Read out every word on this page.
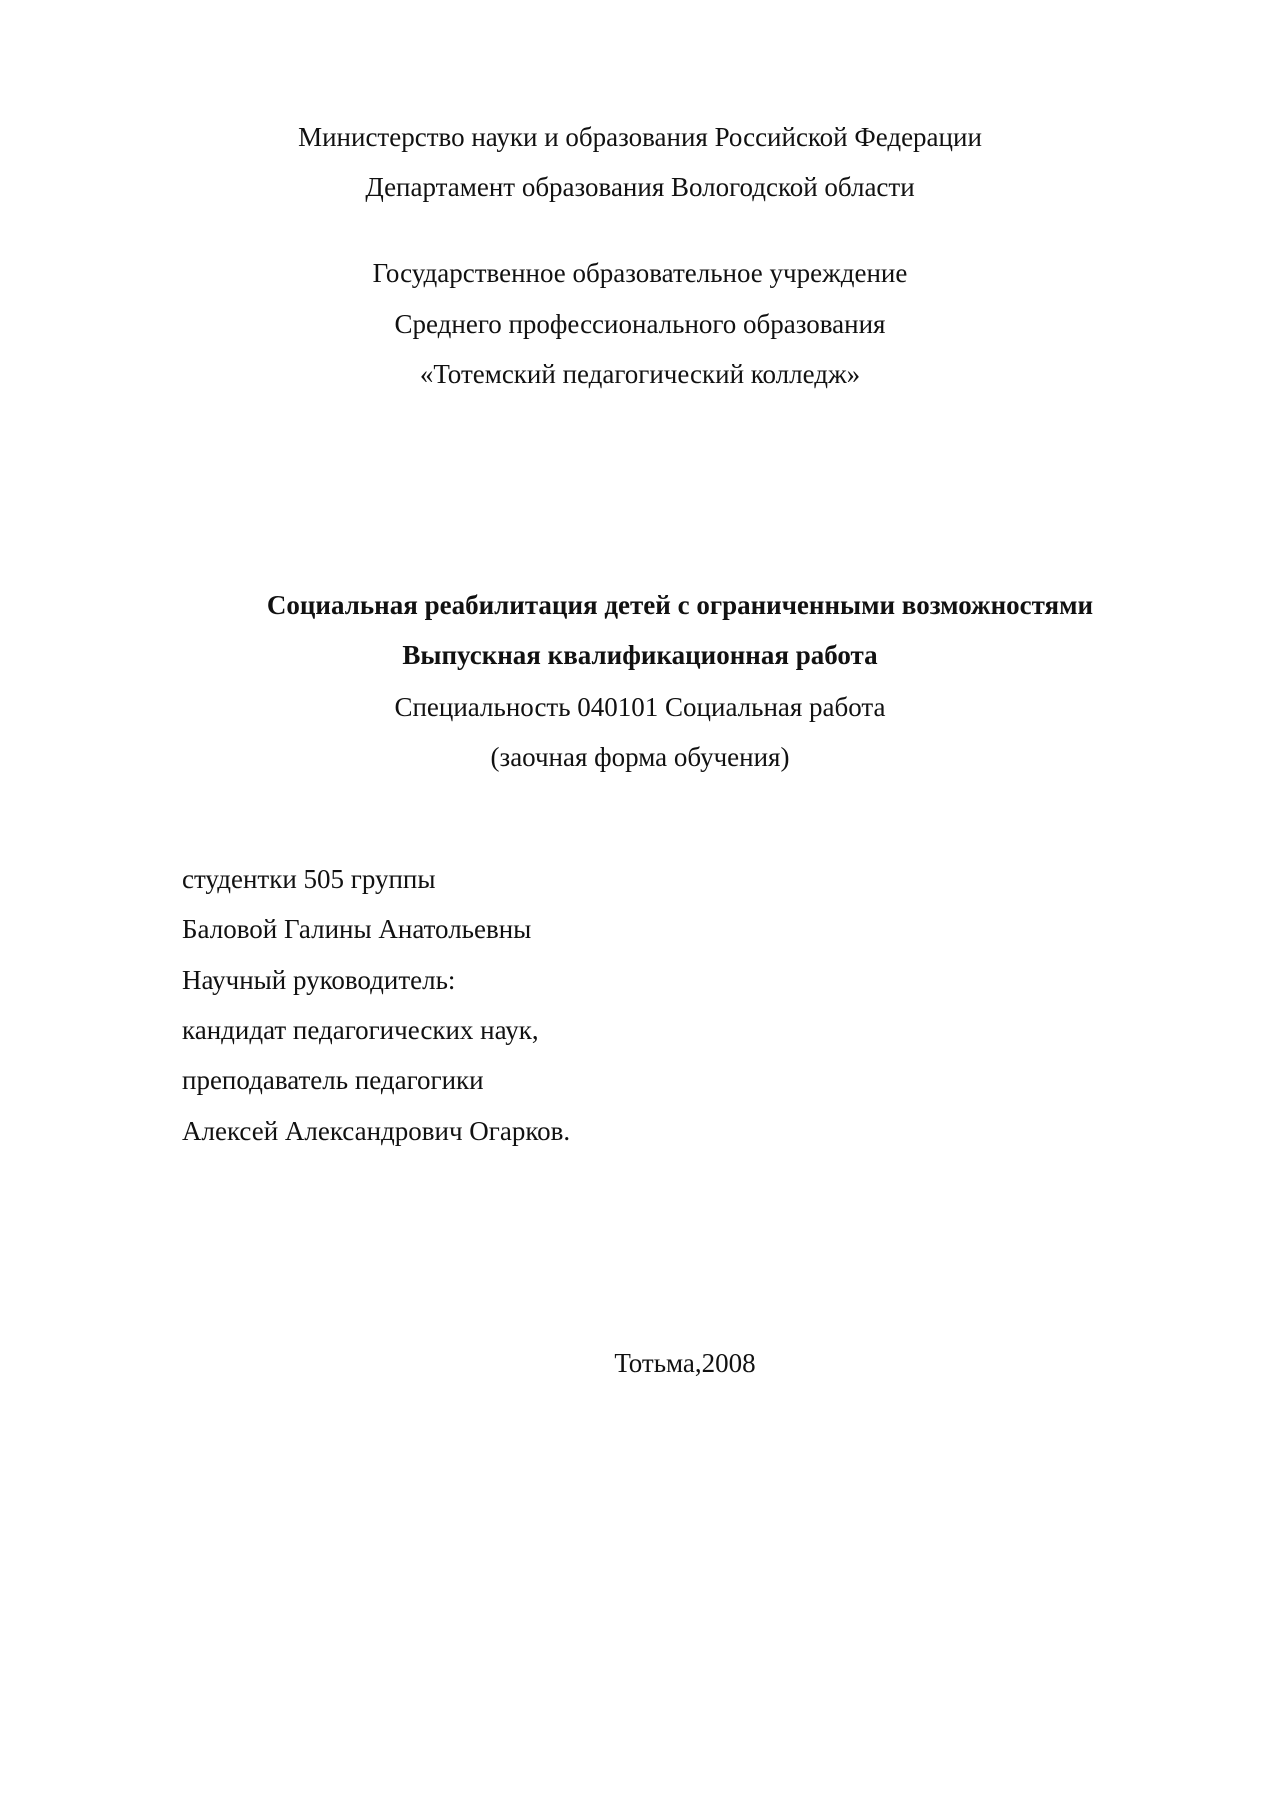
Министерство науки и образования Российской Федерации
Департамент образования Вологодской области
Государственное образовательное учреждение
Среднего профессионального образования
«Тотемский педагогический колледж»
Социальная реабилитация детей с ограниченными возможностями
Выпускная квалификационная работа
Специальность 040101 Социальная работа
(заочная форма обучения)
студентки 505 группы
Баловой Галины Анатольевны
Научный руководитель:
кандидат педагогических наук,
преподаватель педагогики
Алексей Александрович Огарков.
Тотьма,2008
